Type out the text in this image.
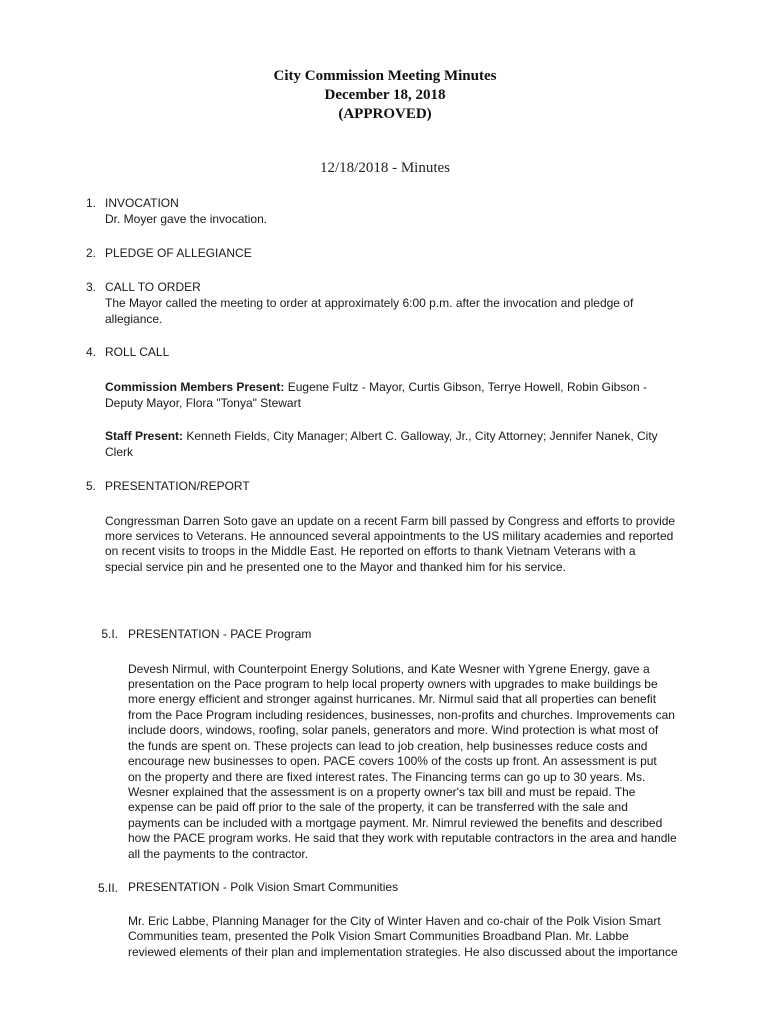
City Commission Meeting Minutes
December 18, 2018
(APPROVED)
12/18/2018 - Minutes
1. INVOCATION
Dr. Moyer gave the invocation.
2. PLEDGE OF ALLEGIANCE
3. CALL TO ORDER
The Mayor called the meeting to order at approximately 6:00 p.m. after the invocation and pledge of
allegiance.
4. ROLL CALL
Commission Members Present: Eugene Fultz - Mayor, Curtis Gibson, Terrye Howell, Robin Gibson -
Deputy Mayor, Flora "Tonya" Stewart
Staff Present: Kenneth Fields, City Manager; Albert C. Galloway, Jr., City Attorney; Jennifer Nanek, City
Clerk
5. PRESENTATION/REPORT
Congressman Darren Soto gave an update on a recent Farm bill passed by Congress and efforts to provide
more services to Veterans. He announced several appointments to the US military academies and reported
on recent visits to troops in the Middle East. He reported on efforts to thank Vietnam Veterans with a
special service pin and he presented one to the Mayor and thanked him for his service.
5.I. PRESENTATION - PACE Program
Devesh Nirmul, with Counterpoint Energy Solutions, and Kate Wesner with Ygrene Energy, gave a
presentation on the Pace program to help local property owners with upgrades to make buildings be
more energy efficient and stronger against hurricanes. Mr. Nirmul said that all properties can benefit
from the Pace Program including residences, businesses, non-profits and churches. Improvements can
include doors, windows, roofing, solar panels, generators and more. Wind protection is what most of
the funds are spent on. These projects can lead to job creation, help businesses reduce costs and
encourage new businesses to open. PACE covers 100% of the costs up front. An assessment is put
on the property and there are fixed interest rates. The Financing terms can go up to 30 years. Ms.
Wesner explained that the assessment is on a property owner's tax bill and must be repaid. The
expense can be paid off prior to the sale of the property, it can be transferred with the sale and
payments can be included with a mortgage payment. Mr. Nimrul reviewed the benefits and described
how the PACE program works. He said that they work with reputable contractors in the area and handle
all the payments to the contractor.
5.II. PRESENTATION - Polk Vision Smart Communities
Mr. Eric Labbe, Planning Manager for the City of Winter Haven and co-chair of the Polk Vision Smart
Communities team, presented the Polk Vision Smart Communities Broadband Plan. Mr. Labbe
reviewed elements of their plan and implementation strategies. He also discussed about the importance
